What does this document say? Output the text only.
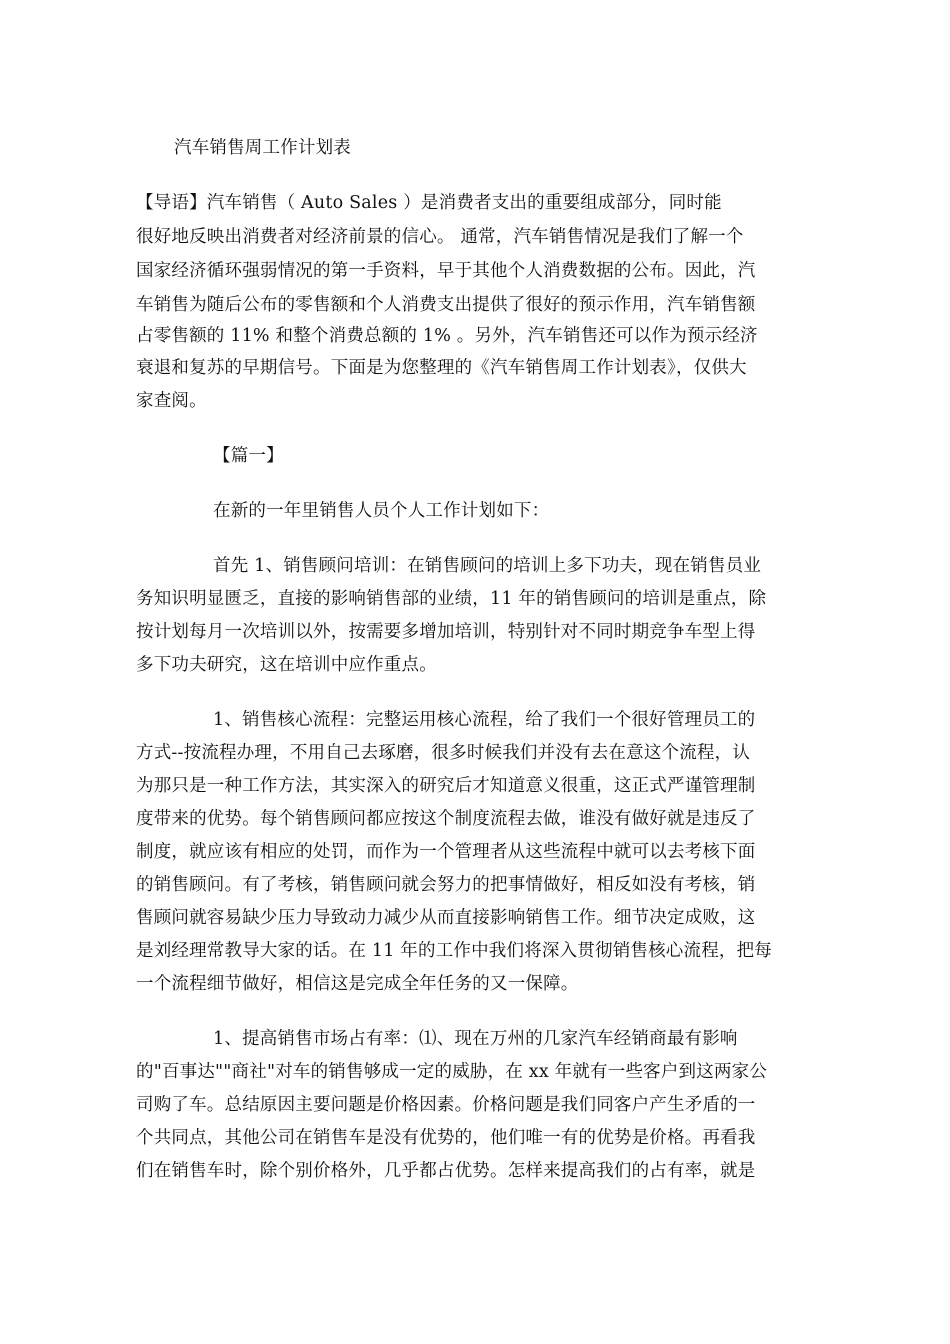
汽车销售周工作计划表
【导语】汽车销售（ Auto Sales ）是消费者支出的重要组成部分，同时能
很好地反映出消费者对经济前景的信心。 通常，汽车销售情况是我们了解一个
国家经济循环强弱情况的第一手资料，早于其他个人消费数据的公布。因此，汽
车销售为随后公布的零售额和个人消费支出提供了很好的预示作用，汽车销售额
占零售额的 11% 和整个消费总额的 1% 。另外，汽车销售还可以作为预示经济
衰退和复苏的早期信号。下面是为您整理的《汽车销售周工作计划表》，仅供大
家查阅。
【篇一】
在新的一年里销售人员个人工作计划如下：
首先 1、销售顾问培训：在销售顾问的培训上多下功夫，现在销售员业
务知识明显匮乏，直接的影响销售部的业绩，11 年的销售顾问的培训是重点，除
按计划每月一次培训以外，按需要多增加培训，特别针对不同时期竞争车型上得
多下功夫研究，这在培训中应作重点。
1、销售核心流程：完整运用核心流程，给了我们一个很好管理员工的
方式--按流程办理，不用自己去琢磨，很多时候我们并没有去在意这个流程，认
为那只是一种工作方法，其实深入的研究后才知道意义很重，这正式严谨管理制
度带来的优势。每个销售顾问都应按这个制度流程去做，谁没有做好就是违反了
制度，就应该有相应的处罚，而作为一个管理者从这些流程中就可以去考核下面
的销售顾问。有了考核，销售顾问就会努力的把事情做好，相反如没有考核，销
售顾问就容易缺少压力导致动力减少从而直接影响销售工作。细节决定成败，这
是刘经理常教导大家的话。在 11 年的工作中我们将深入贯彻销售核心流程，把每
一个流程细节做好，相信这是完成全年任务的又一保障。
1、提高销售市场占有率：⑴、现在万州的几家汽车经销商最有影响
的"百事达""商社"对车的销售够成一定的威胁，在 xx 年就有一些客户到这两家公
司购了车。总结原因主要问题是价格因素。价格问题是我们同客户产生矛盾的一
个共同点，其他公司在销售车是没有优势的，他们唯一有的优势是价格。再看我
们在销售车时，除个别价格外，几乎都占优势。怎样来提高我们的占有率，就是
